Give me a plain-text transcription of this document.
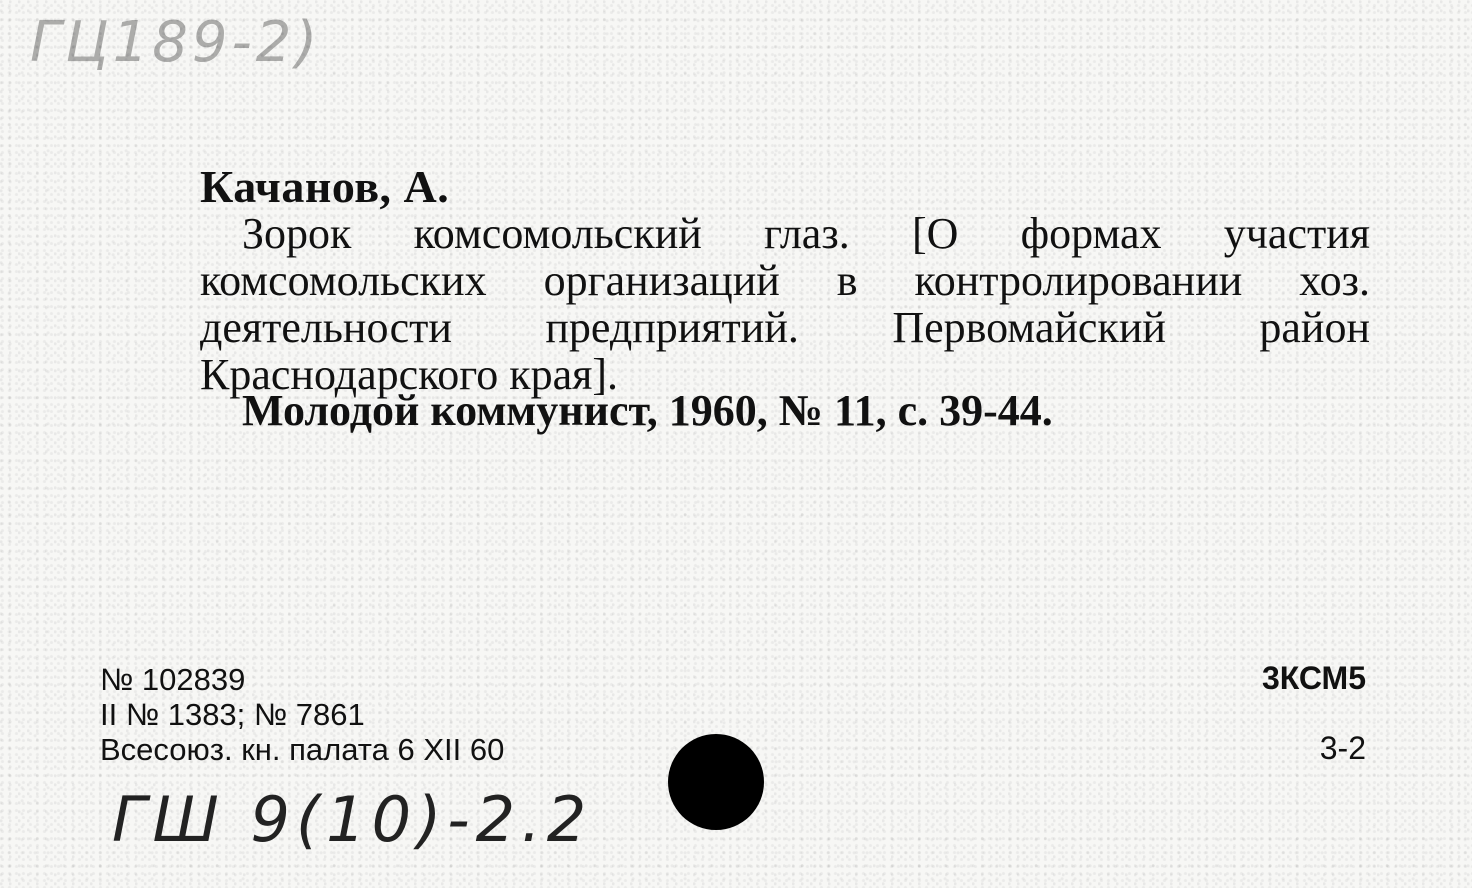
ГЦ189-2)
Качанов, А.
Зорок комсомольский глаз. [О формах участия комсомольских организаций в контролировании хоз. деятельности предприятий. Первомайский район Краснодарского края].
Молодой коммунист, 1960, № 11, с. 39-44.
№ 102839
II № 1383; № 7861
Всесоюз. кн. палата 6 XII 60
3КСМ5
3-2
ГШ 9(10)-2.2
